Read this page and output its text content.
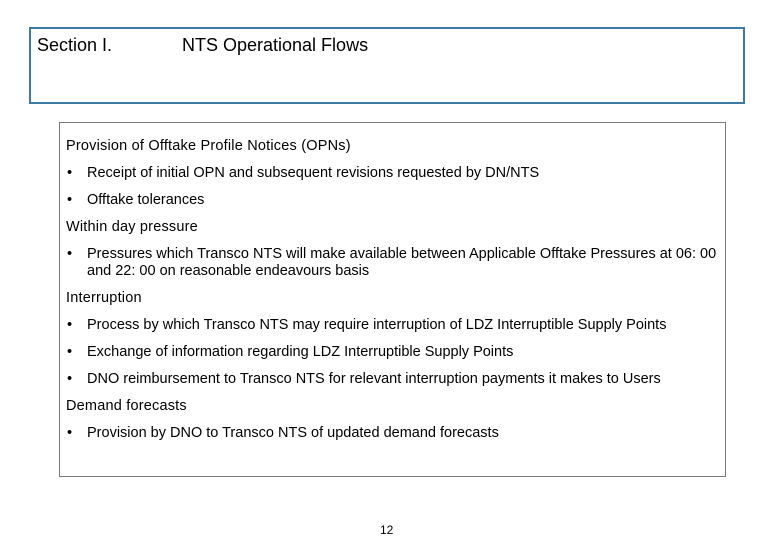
Section I.	NTS Operational Flows
Provision of Offtake Profile Notices (OPNs)
• Receipt of initial OPN and subsequent revisions requested by DN/NTS
• Offtake tolerances
Within day pressure
• Pressures which Transco NTS will make available between Applicable Offtake Pressures at 06: 00 and 22: 00 on reasonable endeavours basis
Interruption
• Process by which Transco NTS may require interruption of LDZ Interruptible Supply Points
• Exchange of information regarding LDZ Interruptible Supply Points
• DNO reimbursement to Transco NTS for relevant interruption payments it makes to Users
Demand forecasts
• Provision by DNO to Transco NTS of updated demand forecasts
12
